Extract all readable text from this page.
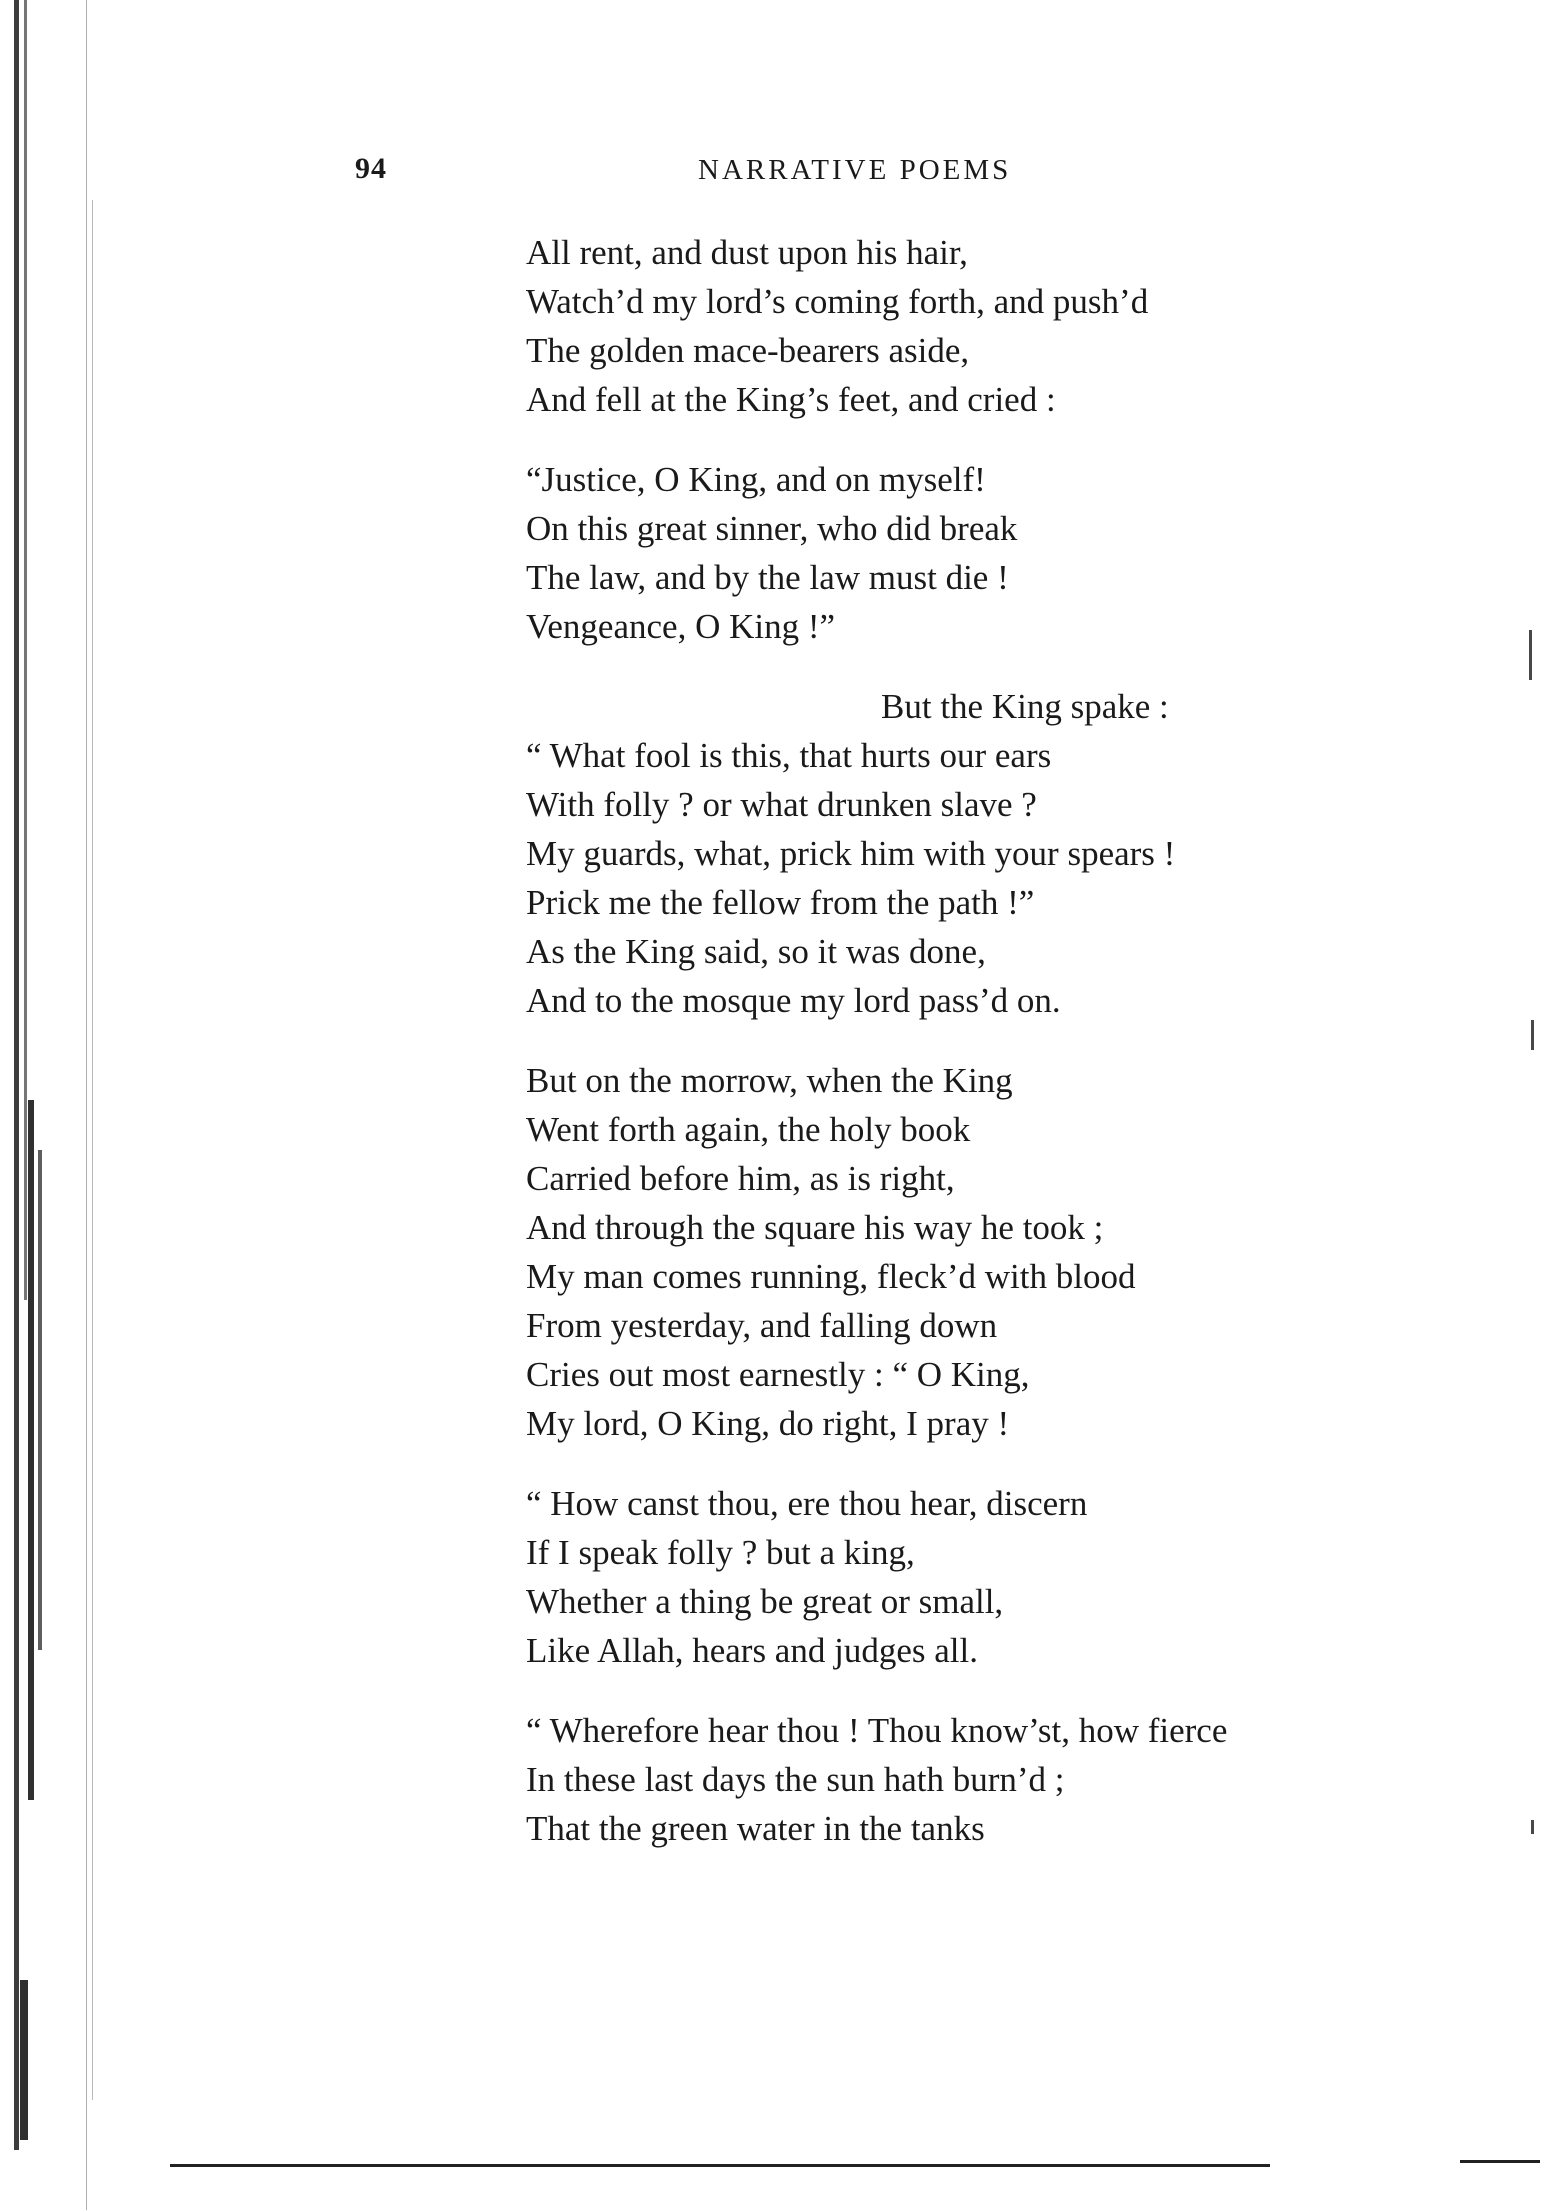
94	NARRATIVE POEMS
All rent, and dust upon his hair,
Watch’d my lord’s coming forth, and push’d
The golden mace-bearers aside,
And fell at the King’s feet, and cried :
“Justice, O King, and on myself!
On this great sinner, who did break
The law, and by the law must die !
Vengeance, O King !”
But the King spake :
“ What fool is this, that hurts our ears
With folly ? or what drunken slave ?
My guards, what, prick him with your spears !
Prick me the fellow from the path !”
As the King said, so it was done,
And to the mosque my lord pass’d on.
But on the morrow, when the King
Went forth again, the holy book
Carried before him, as is right,
And through the square his way he took ;
My man comes running, fleck’d with blood
From yesterday, and falling down
Cries out most earnestly : “ O King,
My lord, O King, do right, I pray !
“ How canst thou, ere thou hear, discern
If I speak folly ? but a king,
Whether a thing be great or small,
Like Allah, hears and judges all.
“ Wherefore hear thou ! Thou know’st, how fierce
In these last days the sun hath burn’d ;
That the green water in the tanks
